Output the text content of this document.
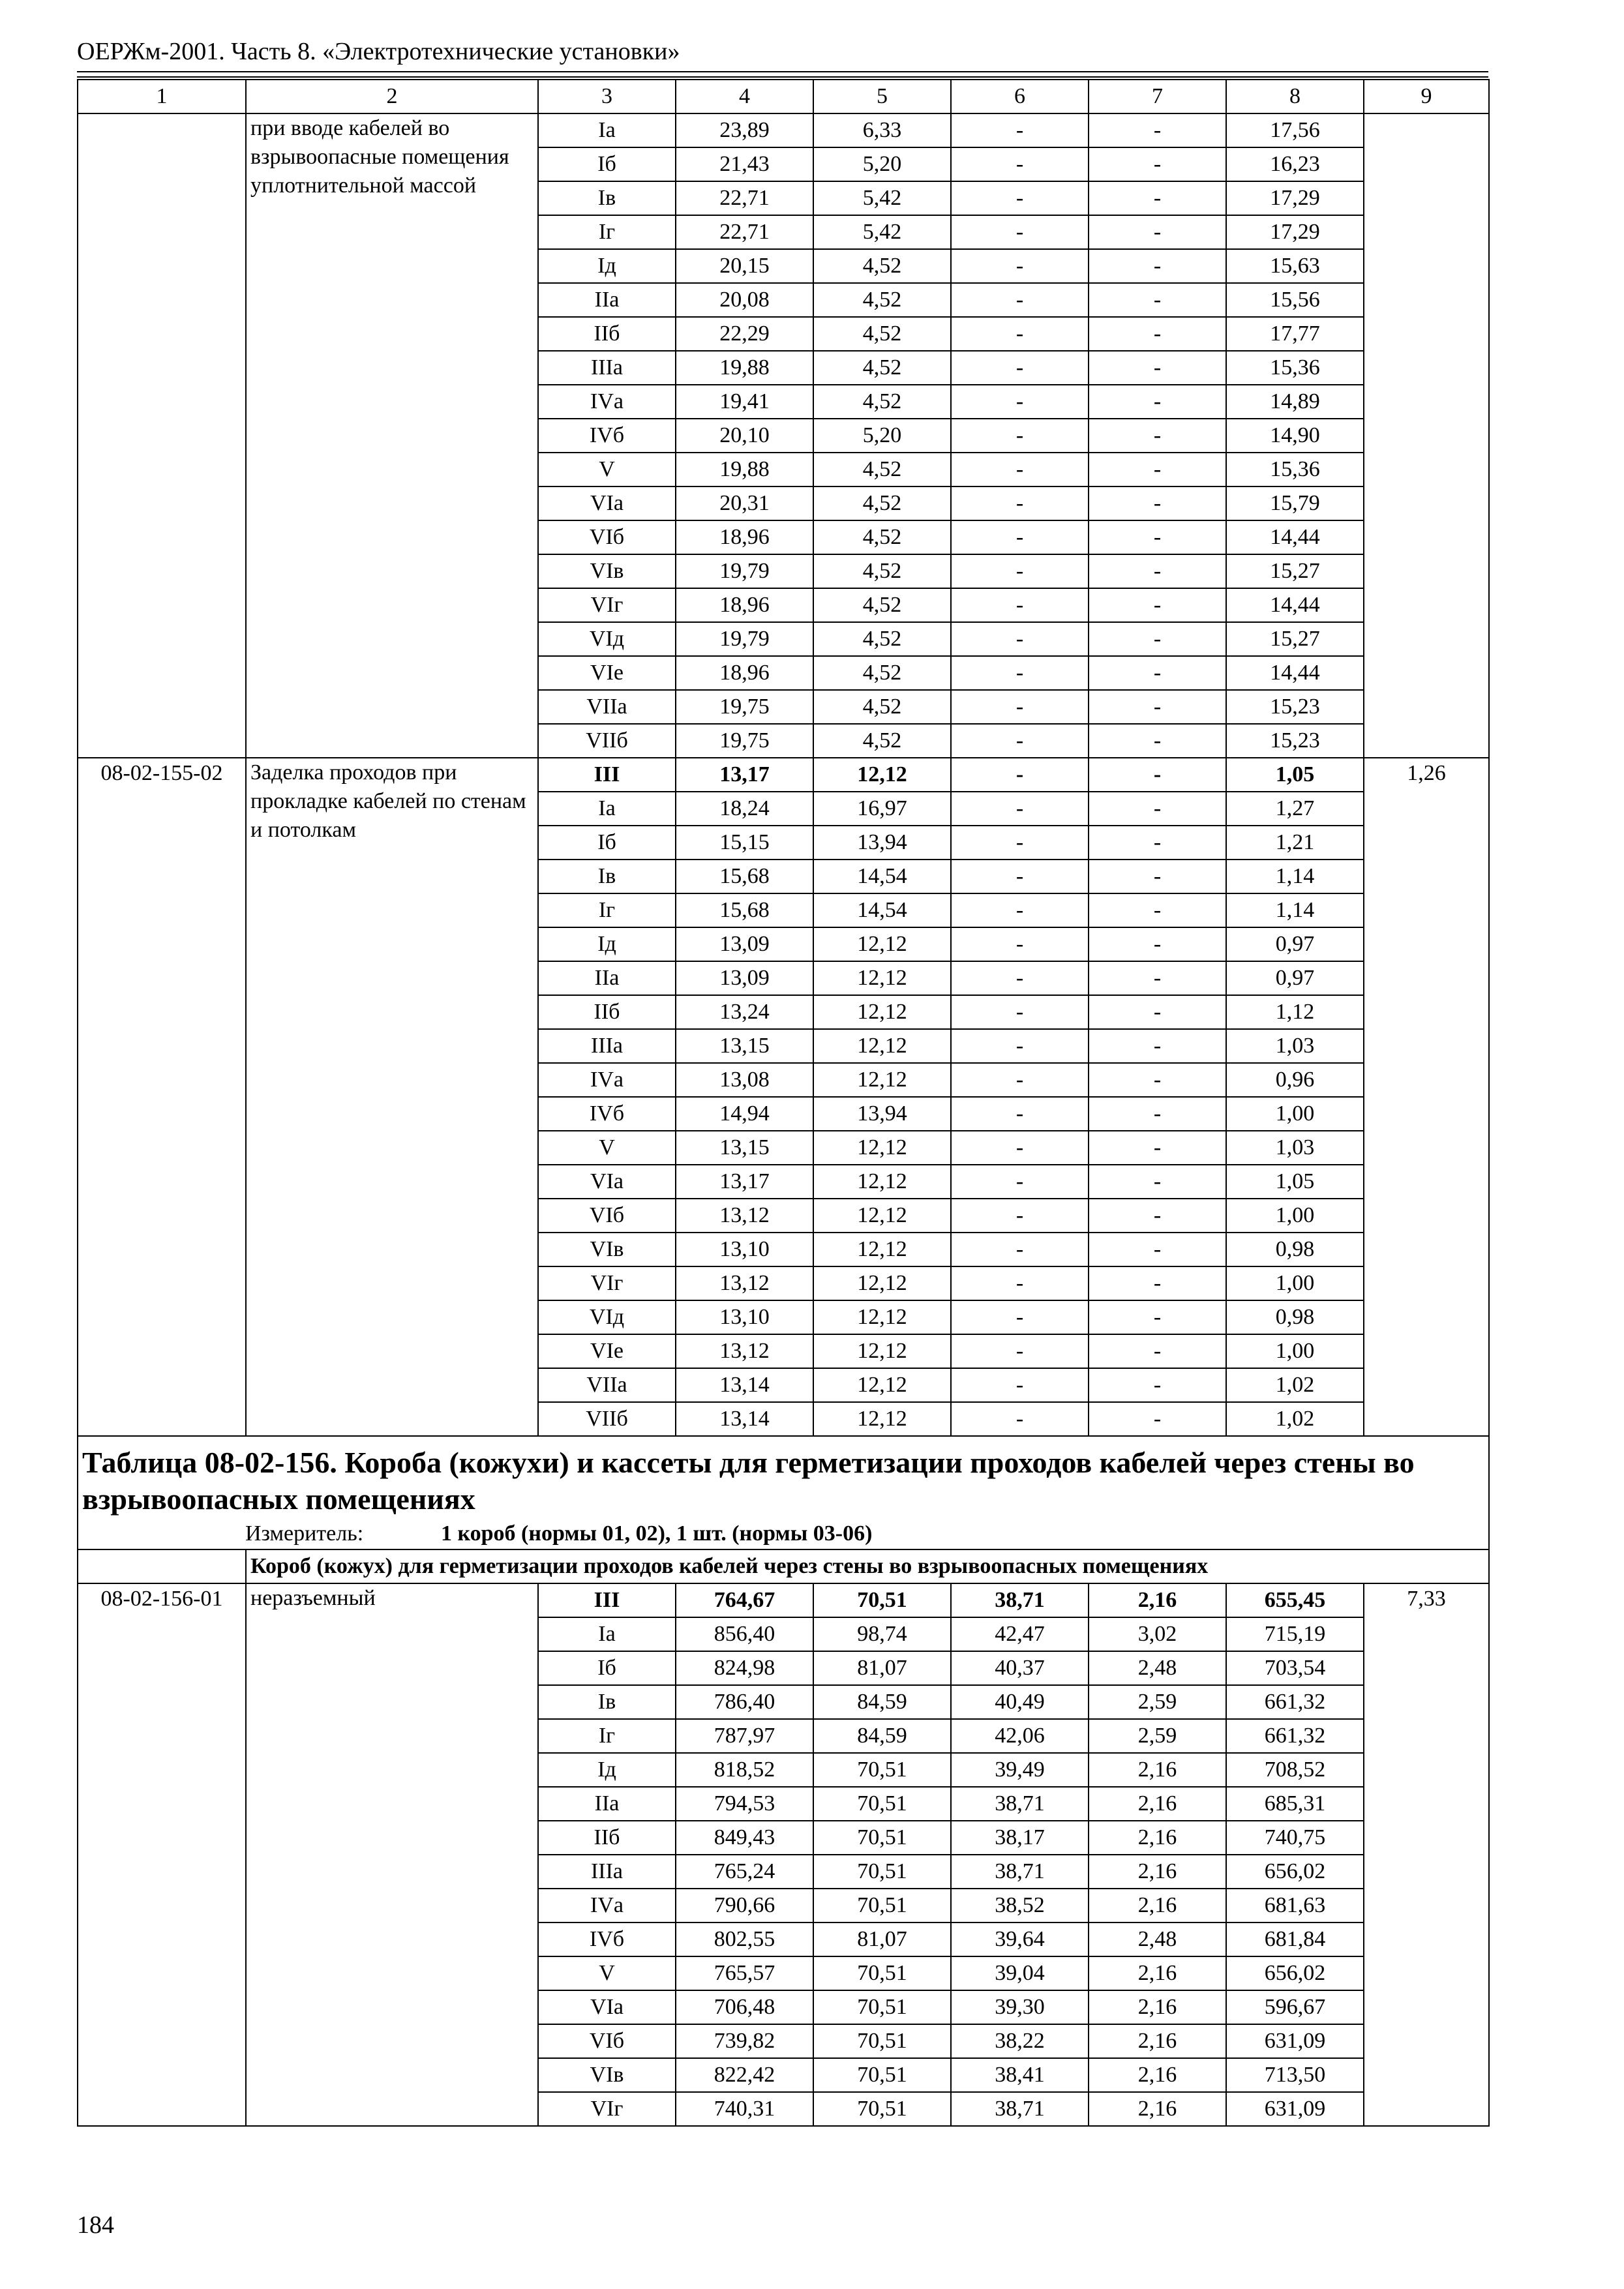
ОЕРЖм-2001. Часть 8. «Электротехнические установки»
1	2	3	4	5	6	7	8	9
	при вводе кабелей во взрывоопасные помещения уплотнительной массой	Iа	23,89	6,33	-	-	17,56	
		Iб	21,43	5,20	-	-	16,23	
		Iв	22,71	5,42	-	-	17,29	
		Iг	22,71	5,42	-	-	17,29	
		Iд	20,15	4,52	-	-	15,63	
		IIа	20,08	4,52	-	-	15,56	
		IIб	22,29	4,52	-	-	17,77	
		IIIа	19,88	4,52	-	-	15,36	
		IVа	19,41	4,52	-	-	14,89	
		IVб	20,10	5,20	-	-	14,90	
		V	19,88	4,52	-	-	15,36	
		VIа	20,31	4,52	-	-	15,79	
		VIб	18,96	4,52	-	-	14,44	
		VIв	19,79	4,52	-	-	15,27	
		VIг	18,96	4,52	-	-	14,44	
		VIд	19,79	4,52	-	-	15,27	
		VIе	18,96	4,52	-	-	14,44	
		VIIа	19,75	4,52	-	-	15,23	
		VIIб	19,75	4,52	-	-	15,23	
08-02-155-02	Заделка проходов при прокладке кабелей по стенам и потолкам	III	13,17	12,12	-	-	1,05	1,26
		Iа	18,24	16,97	-	-	1,27	
		Iб	15,15	13,94	-	-	1,21	
		Iв	15,68	14,54	-	-	1,14	
		Iг	15,68	14,54	-	-	1,14	
		Iд	13,09	12,12	-	-	0,97	
		IIа	13,09	12,12	-	-	0,97	
		IIб	13,24	12,12	-	-	1,12	
		IIIа	13,15	12,12	-	-	1,03	
		IVа	13,08	12,12	-	-	0,96	
		IVб	14,94	13,94	-	-	1,00	
		V	13,15	12,12	-	-	1,03	
		VIа	13,17	12,12	-	-	1,05	
		VIб	13,12	12,12	-	-	1,00	
		VIв	13,10	12,12	-	-	0,98	
		VIг	13,12	12,12	-	-	1,00	
		VIд	13,10	12,12	-	-	0,98	
		VIе	13,12	12,12	-	-	1,00	
		VIIа	13,14	12,12	-	-	1,02	
		VIIб	13,14	12,12	-	-	1,02	
Таблица 08-02-156. Короба (кожухи) и кассеты для герметизации проходов кабелей через стены во взрывоопасных помещениях								
Измеритель: 1 короб (нормы 01, 02), 1 шт. (нормы 03-06)								
	Короб (кожух) для герметизации проходов кабелей через стены во взрывоопасных помещениях							
08-02-156-01	неразъемный	III	764,67	70,51	38,71	2,16	655,45	7,33
		Iа	856,40	98,74	42,47	3,02	715,19	
		Iб	824,98	81,07	40,37	2,48	703,54	
		Iв	786,40	84,59	40,49	2,59	661,32	
		Iг	787,97	84,59	42,06	2,59	661,32	
		Iд	818,52	70,51	39,49	2,16	708,52	
		IIа	794,53	70,51	38,71	2,16	685,31	
		IIб	849,43	70,51	38,17	2,16	740,75	
		IIIа	765,24	70,51	38,71	2,16	656,02	
		IVа	790,66	70,51	38,52	2,16	681,63	
		IVб	802,55	81,07	39,64	2,48	681,84	
		V	765,57	70,51	39,04	2,16	656,02	
		VIа	706,48	70,51	39,30	2,16	596,67	
		VIб	739,82	70,51	38,22	2,16	631,09	
		VIв	822,42	70,51	38,41	2,16	713,50	
		VIг	740,31	70,51	38,71	2,16	631,09	
184
